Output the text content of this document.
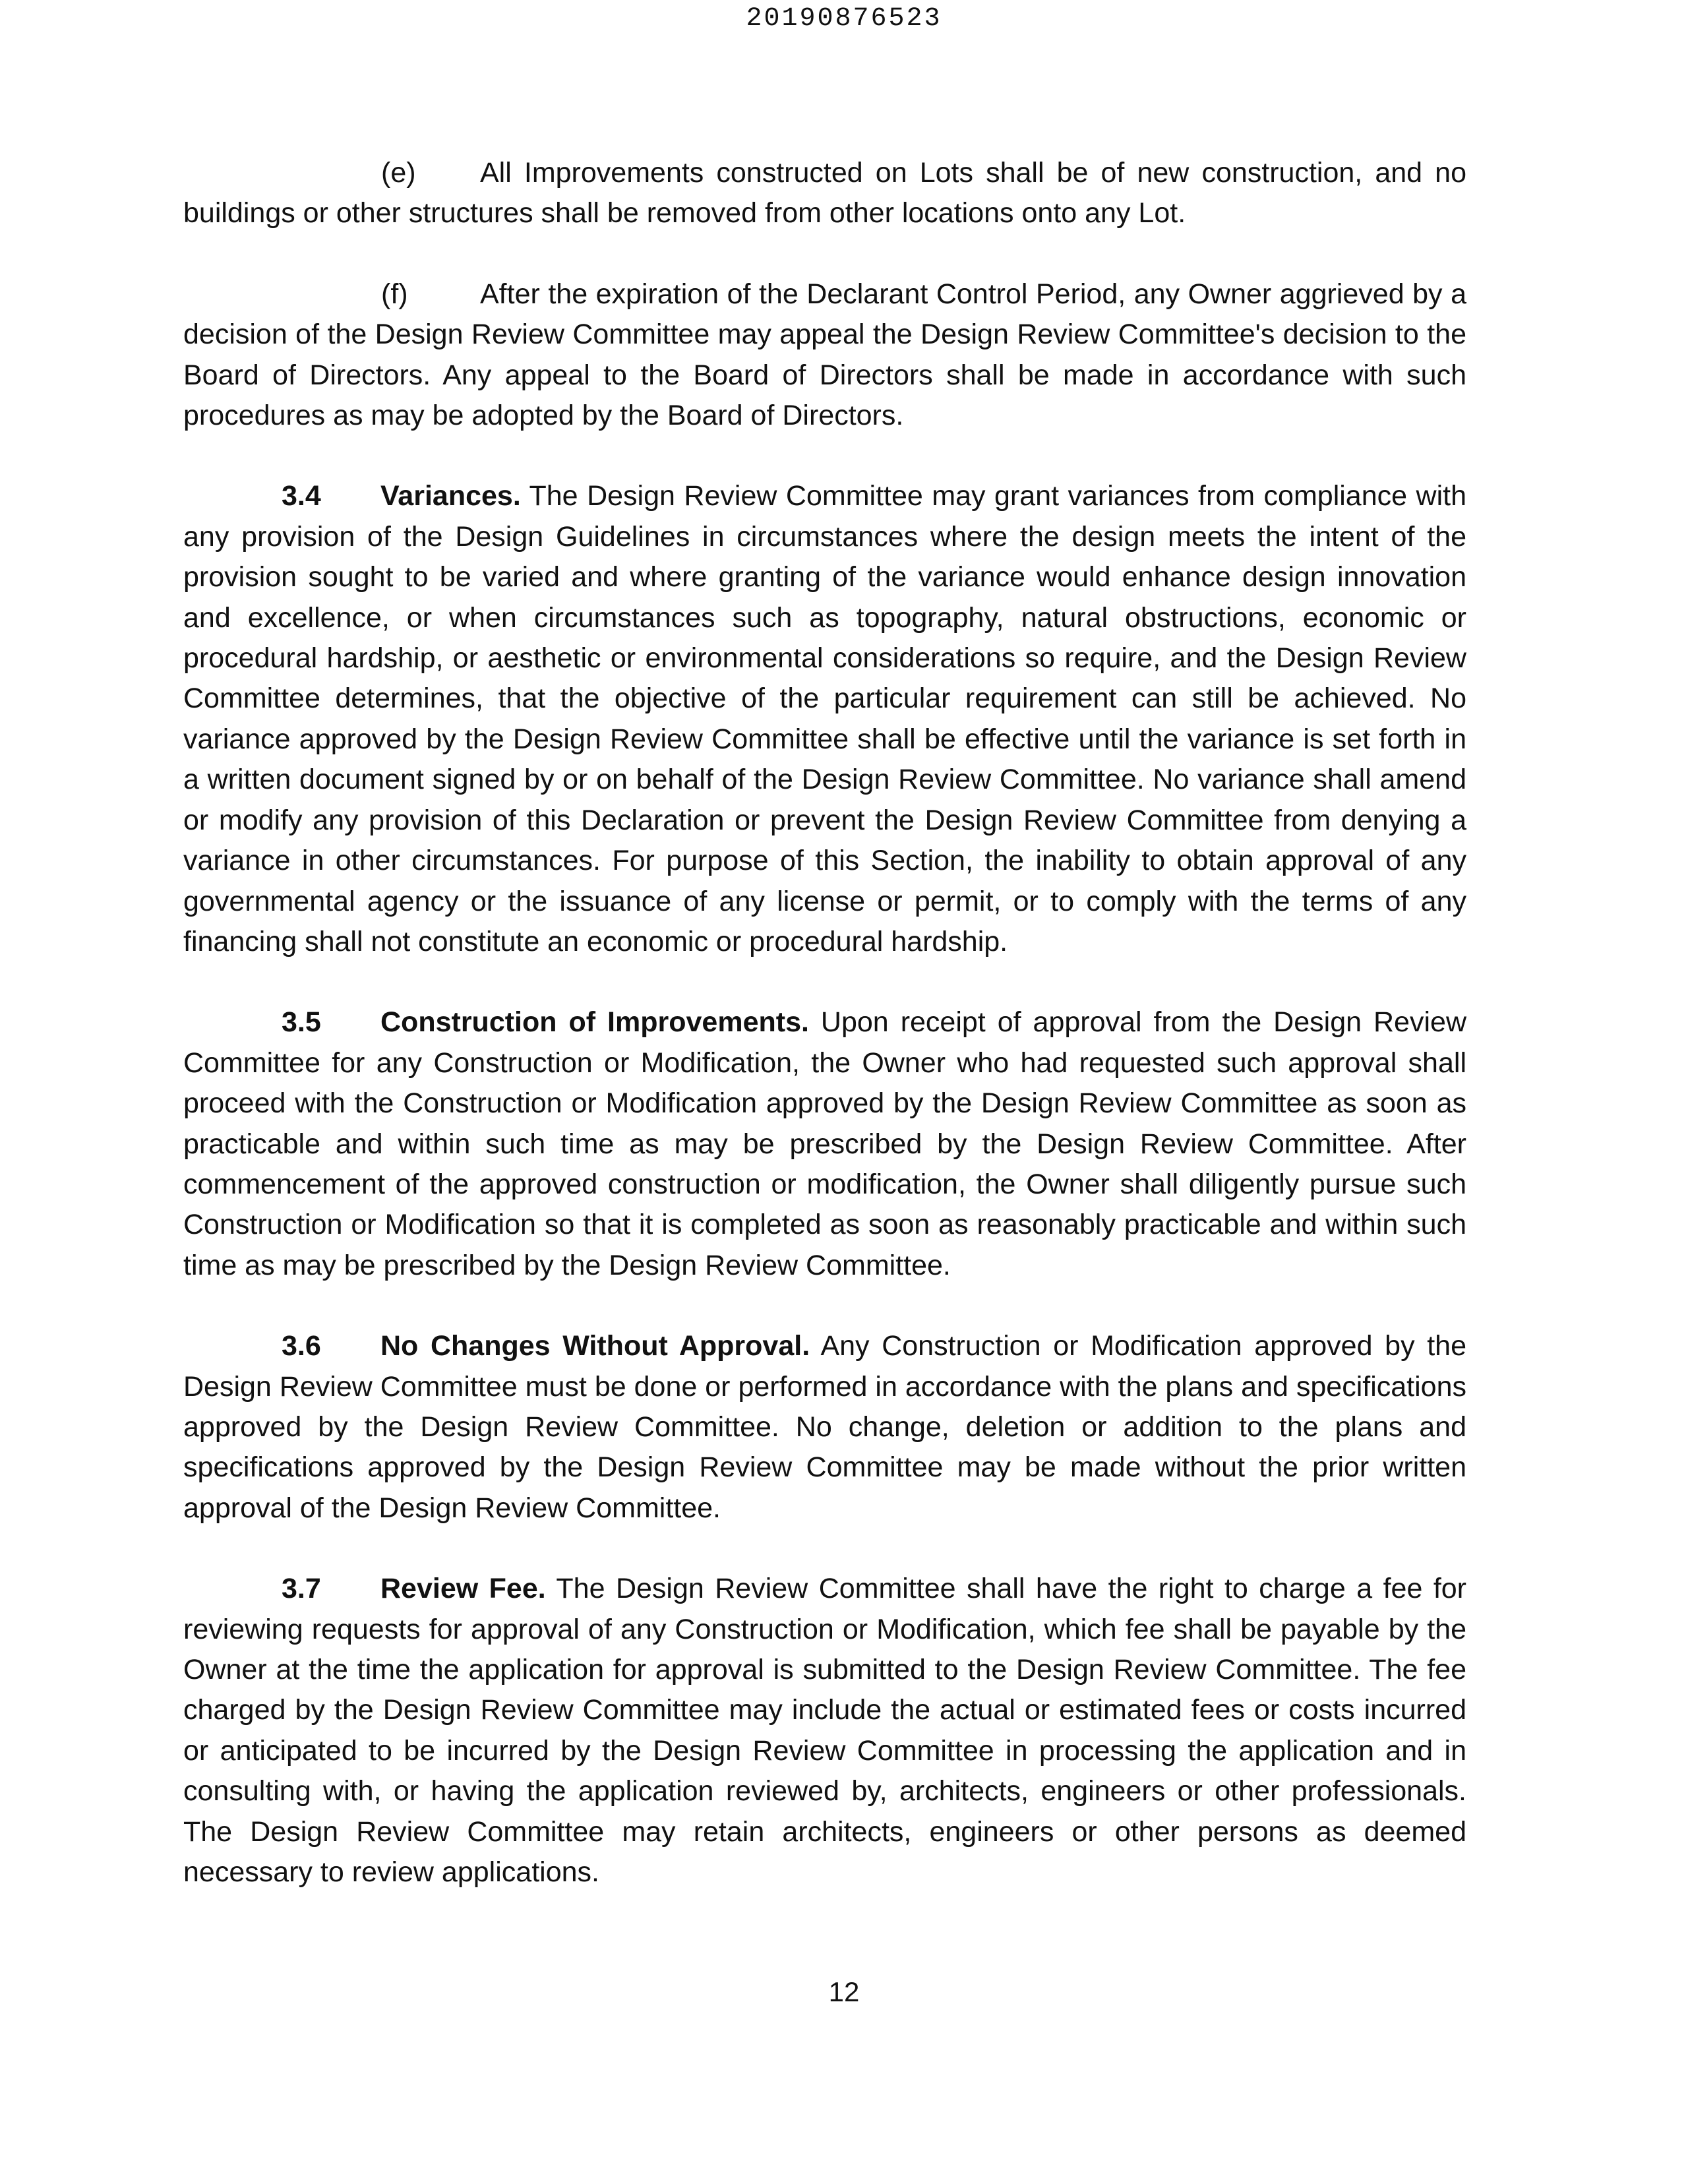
20190876523

(e) All Improvements constructed on Lots shall be of new construction, and no buildings or other structures shall be removed from other locations onto any Lot.

(f)	After the expiration of the Declarant Control Period, any Owner aggrieved by a decision of the Design Review Committee may appeal the Design Review Committee's decision to the Board of Directors. Any appeal to the Board of Directors shall be made in accordance with such procedures as may be adopted by the Board of Directors.

3.4 Variances. The Design Review Committee may grant variances from compliance with any provision of the Design Guidelines in circumstances where the design meets the intent of the provision sought to be varied and where granting of the variance would enhance design innovation and excellence, or when circumstances such as topography, natural obstructions, economic or procedural hardship, or aesthetic or environmental considerations so require, and the Design Review Committee determines, that the objective of the particular requirement can still be achieved. No variance approved by the Design Review Committee shall be effective until the variance is set forth in a written document signed by or on behalf of the Design Review Committee. No variance shall amend or modify any provision of this Declaration or prevent the Design Review Committee from denying a variance in other circumstances. For purpose of this Section, the inability to obtain approval of any governmental agency or the issuance of any license or permit, or to comply with the terms of any financing shall not constitute an economic or procedural hardship.

3.5 Construction of Improvements. Upon receipt of approval from the Design Review Committee for any Construction or Modification, the Owner who had requested such approval shall proceed with the Construction or Modification approved by the Design Review Committee as soon as practicable and within such time as may be prescribed by the Design Review Committee. After commencement of the approved construction or modification, the Owner shall diligently pursue such Construction or Modification so that it is completed as soon as reasonably practicable and within such time as may be prescribed by the Design Review Committee.

3.6 No Changes Without Approval. Any Construction or Modification approved by the Design Review Committee must be done or performed in accordance with the plans and specifications approved by the Design Review Committee. No change, deletion or addition to the plans and specifications approved by the Design Review Committee may be made without the prior written approval of the Design Review Committee.

3.7 Review Fee. The Design Review Committee shall have the right to charge a fee for reviewing requests for approval of any Construction or Modification, which fee shall be payable by the Owner at the time the application for approval is submitted to the Design Review Committee. The fee charged by the Design Review Committee may include the actual or estimated fees or costs incurred or anticipated to be incurred by the Design Review Committee in processing the application and in consulting with, or having the application reviewed by, architects, engineers or other professionals. The Design Review Committee may retain architects, engineers or other persons as deemed necessary to review applications.

12
